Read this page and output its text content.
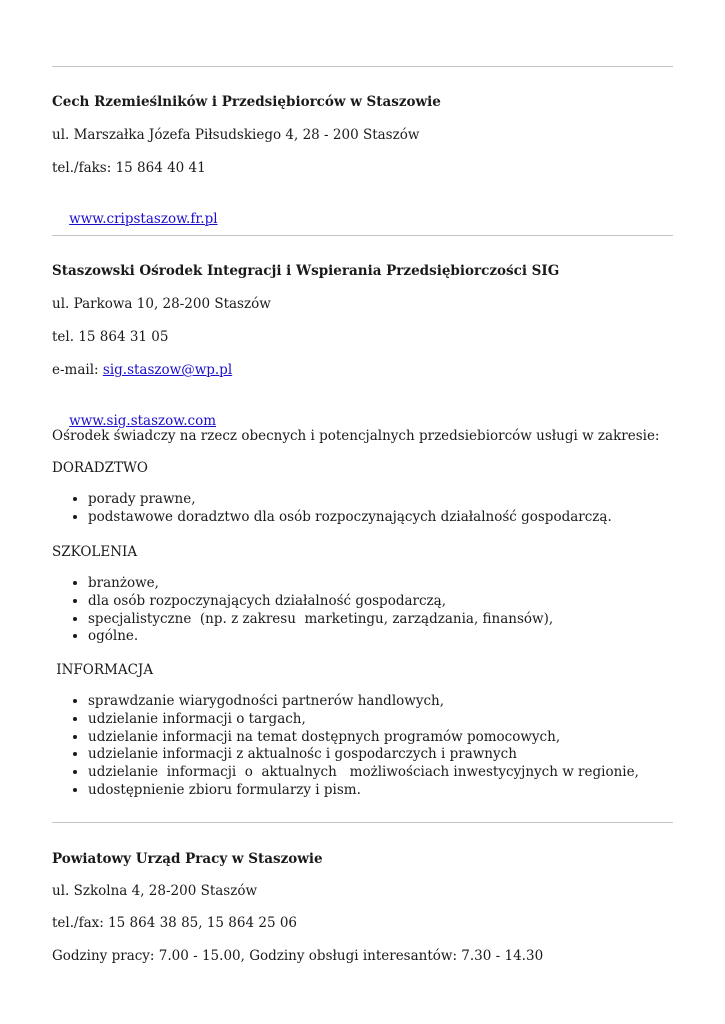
Cech Rzemieślników i Przedsiębiorców w Staszowie
ul. Marszałka Józefa Piłsudskiego 4, 28 - 200 Staszów
tel./faks: 15 864 40 41

www.cripstaszow.fr.pl

Staszowski Ośrodek Integracji i Wspierania Przedsiębiorczości SIG
ul. Parkowa 10, 28-200 Staszów
tel. 15 864 31 05
e-mail: sig.staszow@wp.pl

www.sig.staszow.com

Ośrodek świadczy na rzecz obecnych i potencjalnych przedsiebiorców usługi w zakresie:
DORADZTWO
• porady prawne,
• podstawowe doradztwo dla osób rozpoczynających działalność gospodarczą.
SZKOLENIA
• branżowe,
• dla osób rozpoczynających działalność gospodarczą,
• specjalistyczne  (np. z zakresu  marketingu, zarządzania, finansów),
• ogólne.
INFORMACJA
• sprawdzanie wiarygodności partnerów handlowych,
• udzielanie informacji o targach,
• udzielanie informacji na temat dostępnych programów pomocowych,
• udzielanie informacji z aktualnośc i gospodarczych i prawnych
• udzielanie  informacji  o  aktualnych   możliwościach inwestycyjnych w regionie,
• udostępnienie zbioru formularzy i pism.
Powiatowy Urząd Pracy w Staszowie
ul. Szkolna 4, 28-200 Staszów
tel./fax: 15 864 38 85, 15 864 25 06
Godziny pracy: 7.00 - 15.00, Godziny obsługi interesantów: 7.30 - 14.30
